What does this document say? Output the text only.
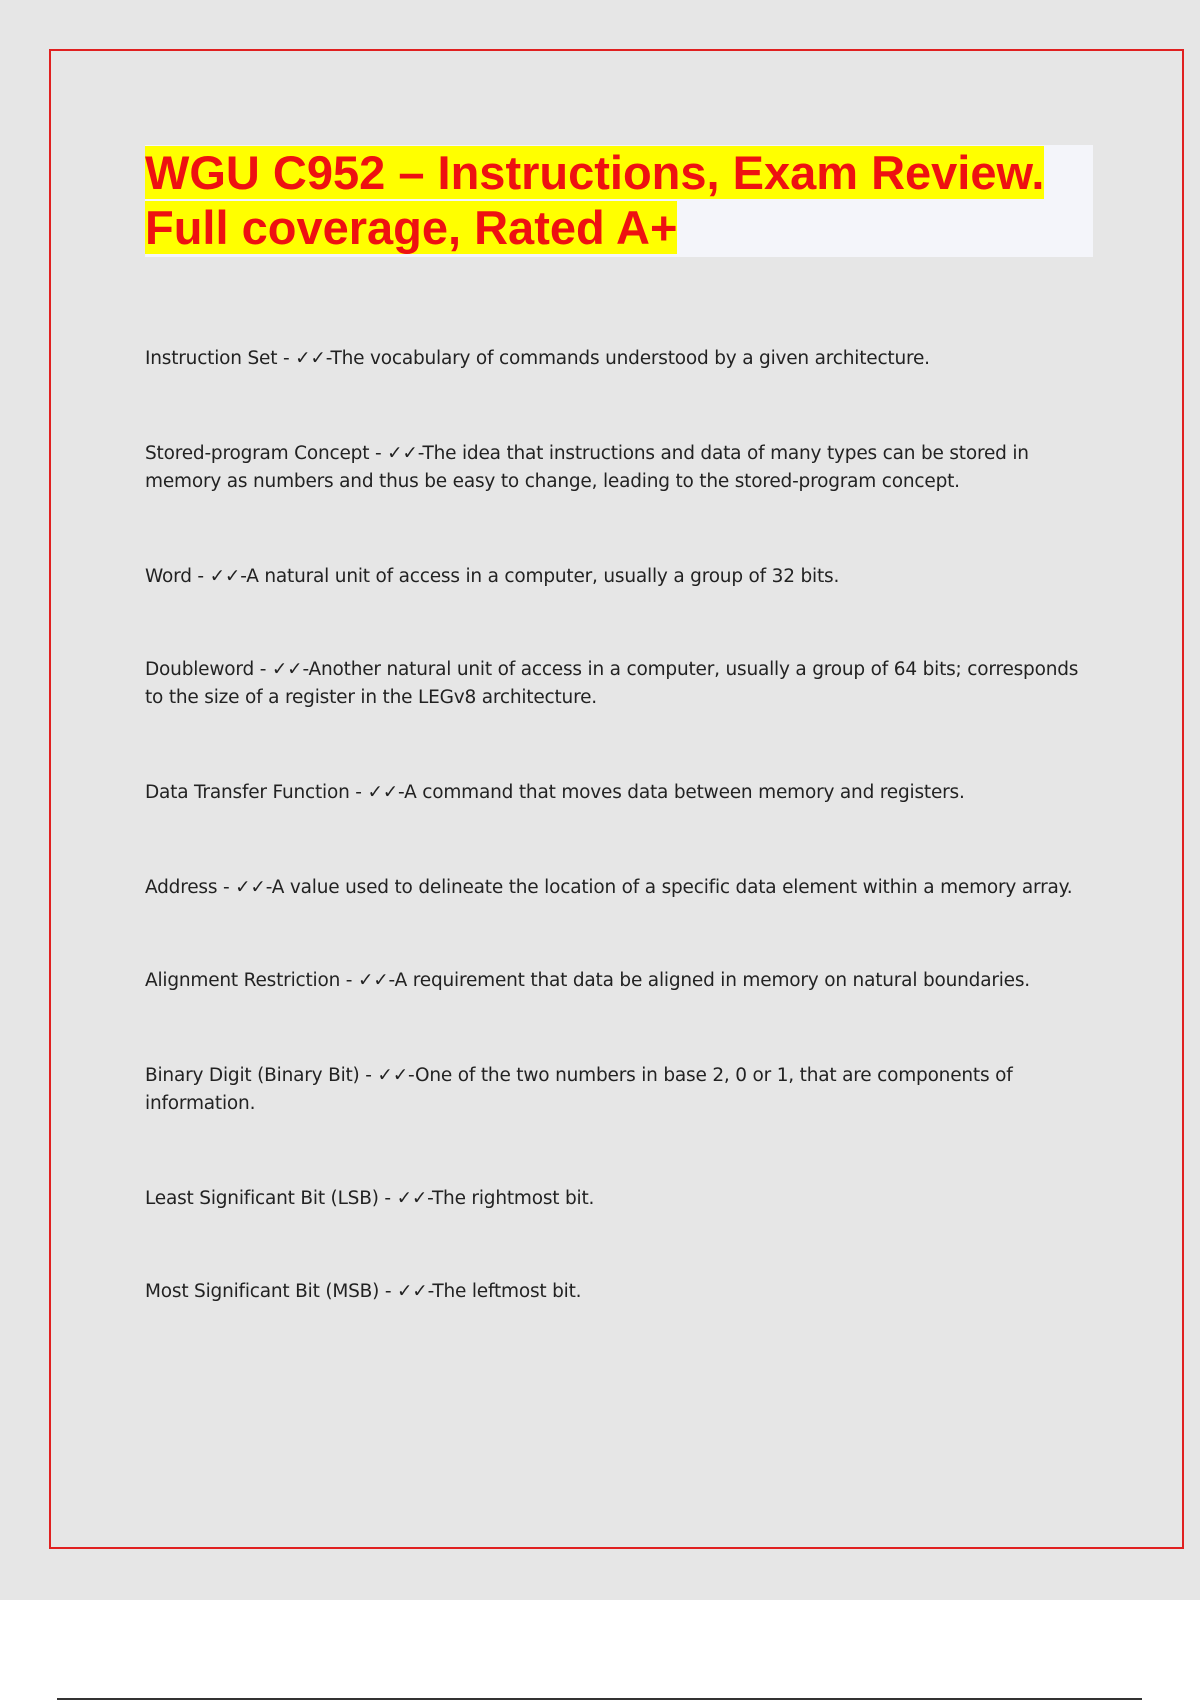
WGU C952 – Instructions, Exam Review.
Full coverage, Rated A+
Instruction Set - ✓✓-The vocabulary of commands understood by a given architecture.
Stored-program Concept - ✓✓-The idea that instructions and data of many types can be stored in memory as numbers and thus be easy to change, leading to the stored-program concept.
Word - ✓✓-A natural unit of access in a computer, usually a group of 32 bits.
Doubleword - ✓✓-Another natural unit of access in a computer, usually a group of 64 bits; corresponds to the size of a register in the LEGv8 architecture.
Data Transfer Function - ✓✓-A command that moves data between memory and registers.
Address - ✓✓-A value used to delineate the location of a specific data element within a memory array.
Alignment Restriction - ✓✓-A requirement that data be aligned in memory on natural boundaries.
Binary Digit (Binary Bit) - ✓✓-One of the two numbers in base 2, 0 or 1, that are components of information.
Least Significant Bit (LSB) - ✓✓-The rightmost bit.
Most Significant Bit (MSB) - ✓✓-The leftmost bit.
